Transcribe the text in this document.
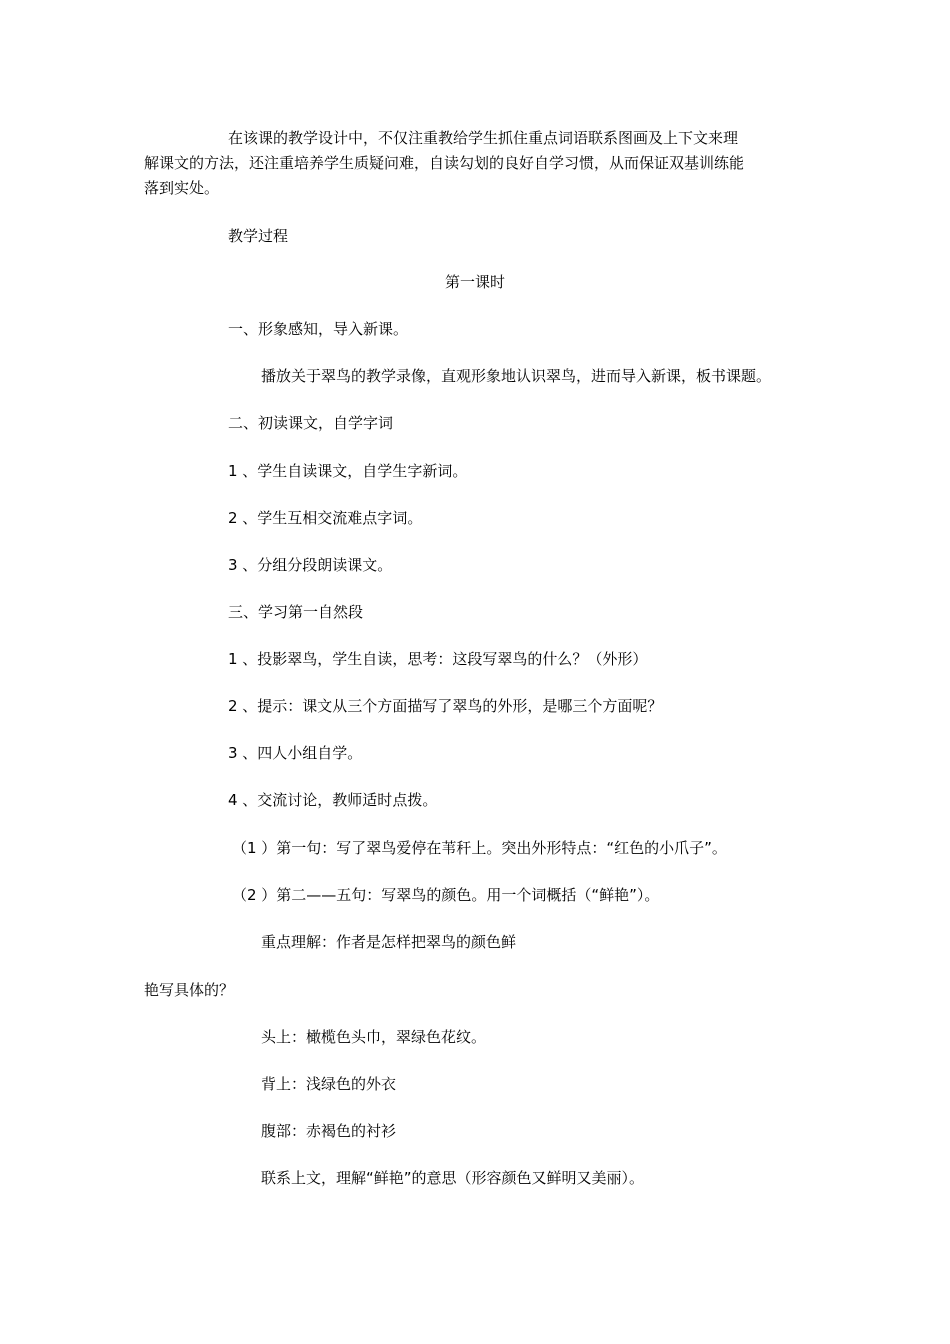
在该课的教学设计中，不仅注重教给学生抓住重点词语联系图画及上下文来理
解课文的方法，还注重培养学生质疑问难，自读勾划的良好自学习惯，从而保证双基训练能
落到实处。
教学过程
第一课时
一、形象感知，导入新课。
播放关于翠鸟的教学录像，直观形象地认识翠鸟，进而导入新课，板书课题。
二、初读课文，自学字词
1 、学生自读课文，自学生字新词。
2 、学生互相交流难点字词。
3 、分组分段朗读课文。
三、学习第一自然段
1 、投影翠鸟，学生自读，思考：这段写翠鸟的什么？（外形）
2 、提示：课文从三个方面描写了翠鸟的外形，是哪三个方面呢？
3 、四人小组自学。
4 、交流讨论，教师适时点拨。
（1 ）第一句：写了翠鸟爱停在苇秆上。突出外形特点：“红色的小爪子”。
（2 ）第二——五句：写翠鸟的颜色。用一个词概括（“鲜艳”）。
重点理解：作者是怎样把翠鸟的颜色鲜
艳写具体的？
头上：橄榄色头巾，翠绿色花纹。
背上：浅绿色的外衣
腹部：赤褐色的衬衫
联系上文，理解“鲜艳”的意思（形容颜色又鲜明又美丽）。
